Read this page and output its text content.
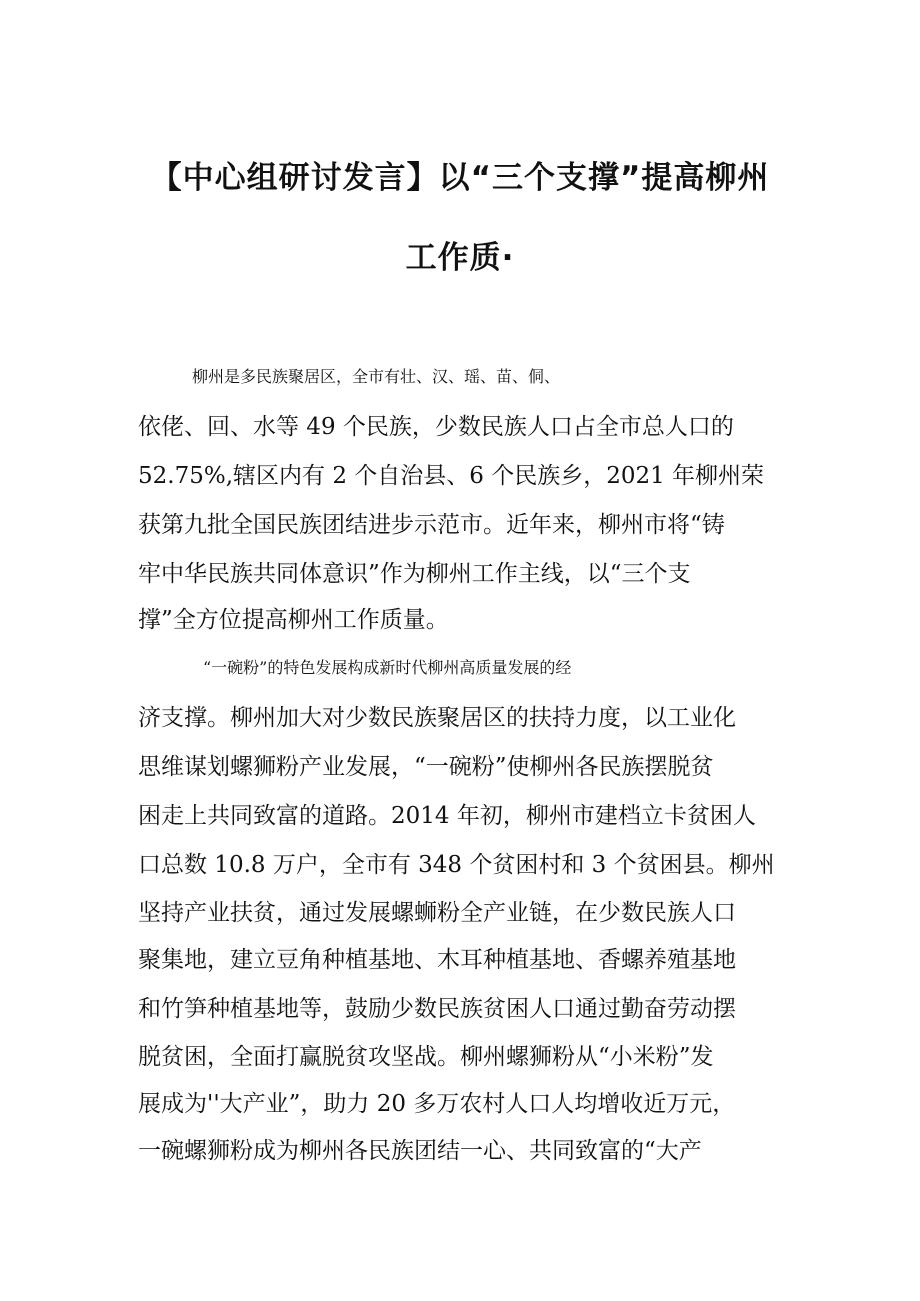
【中心组研讨发言】以“三个支撑”提高柳州
工作质·
柳州是多民族聚居区，全市有壮、汉、瑶、苗、侗、
依佬、回、水等 49 个民族，少数民族人口占全市总人口的
52.75%,辖区内有 2 个自治县、6 个民族乡，2021 年柳州荣
获第九批全国民族团结进步示范市。近年来，柳州市将“铸
牢中华民族共同体意识”作为柳州工作主线，以“三个支
撑”全方位提高柳州工作质量。
“一碗粉”的特色发展构成新时代柳州高质量发展的经
济支撑。柳州加大对少数民族聚居区的扶持力度，以工业化
思维谋划螺狮粉产业发展，“一碗粉”使柳州各民族摆脱贫
困走上共同致富的道路。2014 年初，柳州市建档立卡贫困人
口总数 10.8 万户，全市有 348 个贫困村和 3 个贫困县。柳州
坚持产业扶贫，通过发展螺蛳粉全产业链，在少数民族人口
聚集地，建立豆角种植基地、木耳种植基地、香螺养殖基地
和竹笋种植基地等，鼓励少数民族贫困人口通过勤奋劳动摆
脱贫困，全面打赢脱贫攻坚战。柳州螺狮粉从“小米粉”发
展成为''大产业”，助力 20 多万农村人口人均增收近万元，
一碗螺狮粉成为柳州各民族团结一心、共同致富的“大产
